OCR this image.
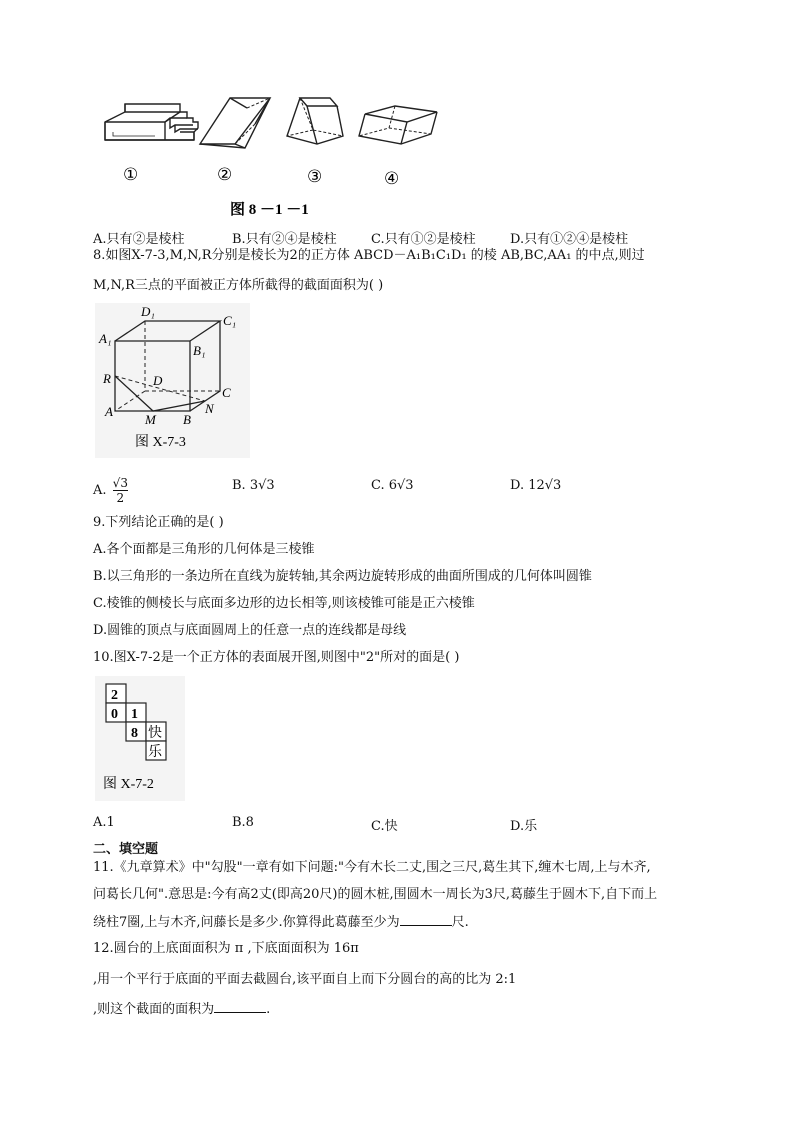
①	②	③	④
图 8 －1 －1
A.只有②是棱柱	B.只有②④是棱柱	C.只有①②是棱柱	D.只有①②④是棱柱
8.如图X-7-3,M,N,R分别是棱长为2的正方体 ABCD－A₁B₁C₁D₁ 的棱 AB,BC,AA₁ 的中点,则过
M,N,R三点的平面被正方体所截得的截面面积为( )
D₁
C₁
A₁
B₁
R	D
C
N
A
M B
图 X-7-3
A. $\frac{√3}{2}$	B. 3√3	C. 6√3	D. 12√3
9.下列结论正确的是( )
A.各个面都是三角形的几何体是三棱锥
B.以三角形的一条边所在直线为旋转轴,其余两边旋转形成的曲面所围成的几何体叫圆锥
C.棱锥的侧棱长与底面多边形的边长相等,则该棱锥可能是正六棱锥
D.圆锥的顶点与底面圆周上的任意一点的连线都是母线
10.图X-7-2是一个正方体的表面展开图,则图中"2"所对的面是( )
2
0 1
8 快
乐
图 X-7-2
A.1	B.8	C.快	D.乐
二、填空题
11.《九章算术》中"勾股"一章有如下问题:"今有木长二丈,围之三尺,葛生其下,缠木七周,上与木齐,
问葛长几何".意思是:今有高2丈(即高20尺)的圆木桩,围圆木一周长为3尺,葛藤生于圆木下,自下而上
绕柱7圈,上与木齐,问藤长是多少.你算得此葛藤至少为	尺.
12.圆台的上底面面积为 π ,下底面面积为 16π
,用一个平行于底面的平面去截圆台,该平面自上而下分圆台的高的比为 2:1
,则这个截面的面积为	.
